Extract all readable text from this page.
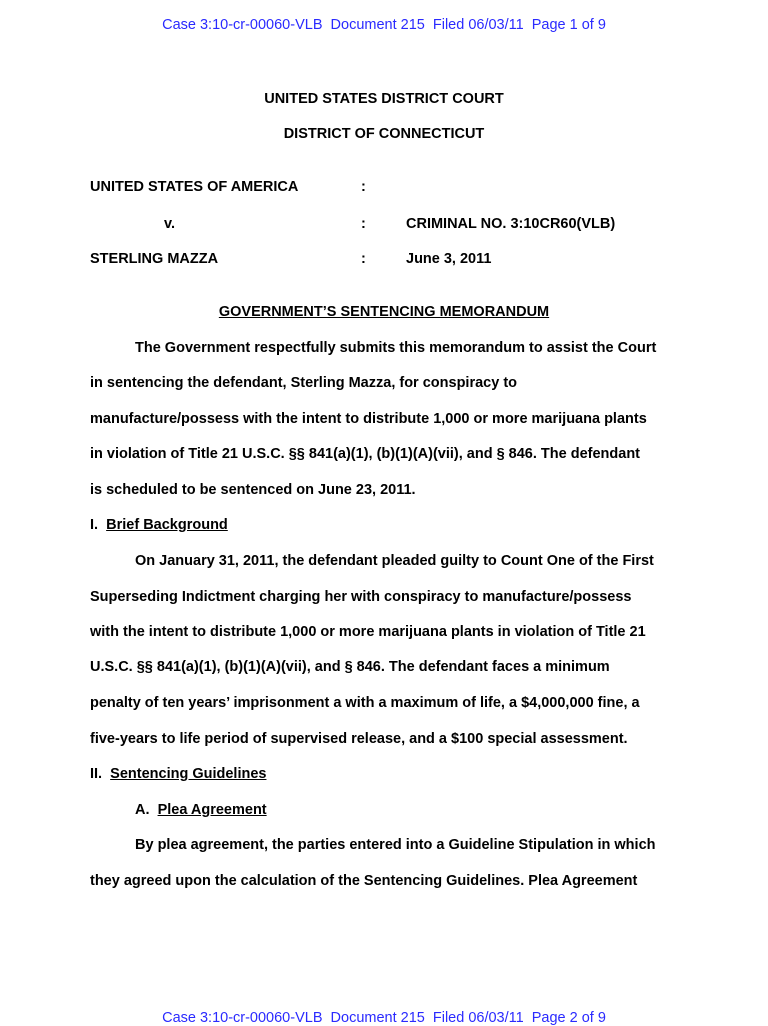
Case 3:10-cr-00060-VLB Document 215 Filed 06/03/11 Page 1 of 9
UNITED STATES DISTRICT COURT
DISTRICT OF CONNECTICUT
UNITED STATES OF AMERICA	:
v.	:	CRIMINAL NO. 3:10CR60(VLB)
STERLING MAZZA	:	June 3, 2011
GOVERNMENT’S SENTENCING MEMORANDUM
The Government respectfully submits this memorandum to assist the Court
in sentencing the defendant, Sterling Mazza, for conspiracy to
manufacture/possess with the intent to distribute 1,000 or more marijuana plants
in violation of Title 21 U.S.C. §§ 841(a)(1), (b)(1)(A)(vii), and § 846. The defendant
is scheduled to be sentenced on June 23, 2011.
I. Brief Background
On January 31, 2011, the defendant pleaded guilty to Count One of the First
Superseding Indictment charging her with conspiracy to manufacture/possess
with the intent to distribute 1,000 or more marijuana plants in violation of Title 21
U.S.C. §§ 841(a)(1), (b)(1)(A)(vii), and § 846. The defendant faces a minimum
penalty of ten years’ imprisonment a with a maximum of life, a $4,000,000 fine, a
five-years to life period of supervised release, and a $100 special assessment.
II. Sentencing Guidelines
A. Plea Agreement
By plea agreement, the parties entered into a Guideline Stipulation in which
they agreed upon the calculation of the Sentencing Guidelines. Plea Agreement
Case 3:10-cr-00060-VLB Document 215 Filed 06/03/11 Page 2 of 9
